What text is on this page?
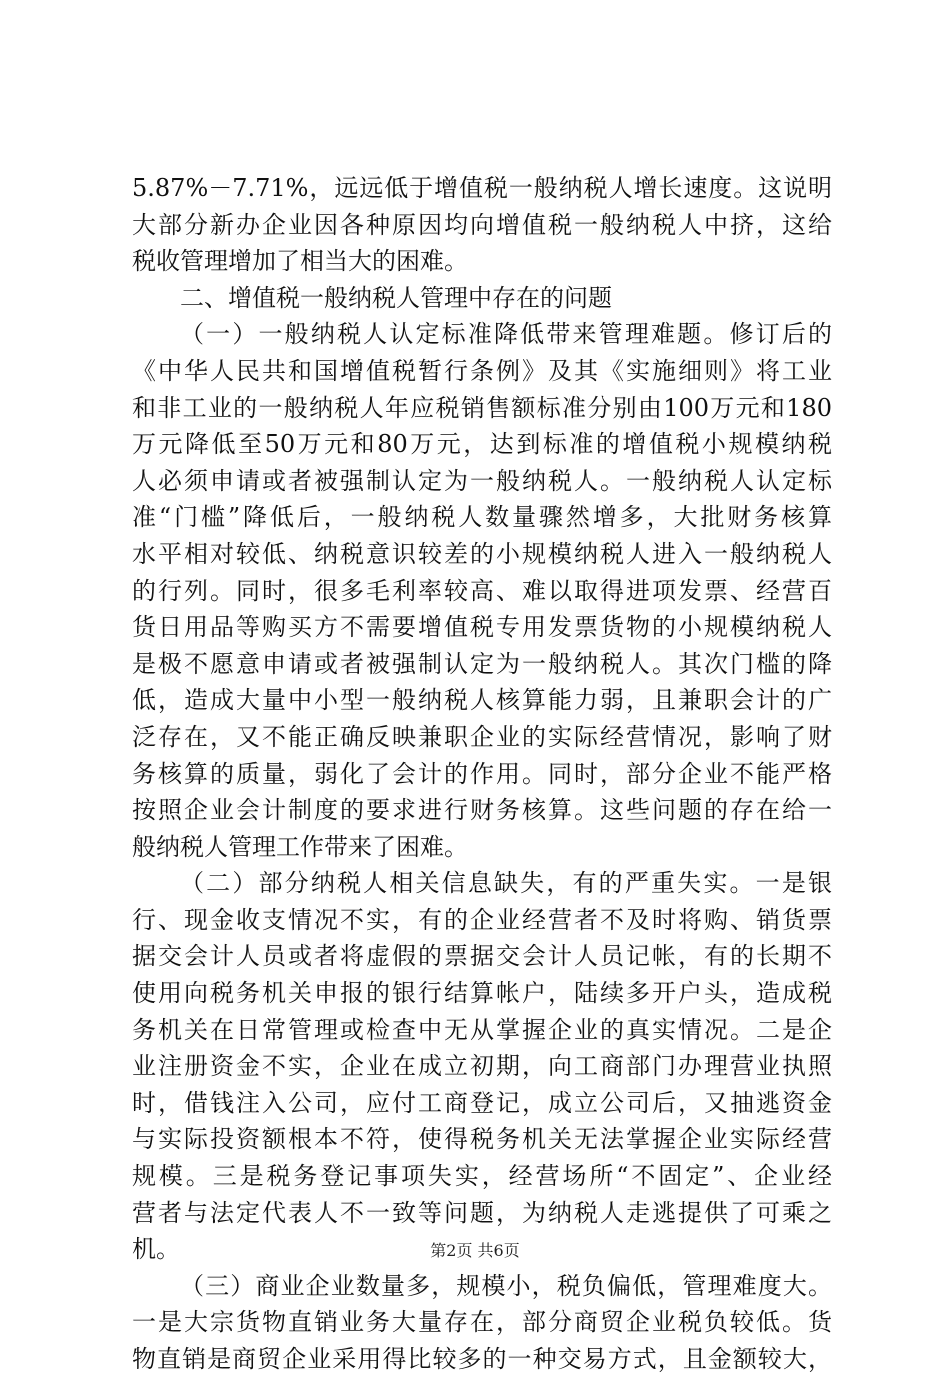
5.87%－7.71%，远远低于增值税一般纳税人增长速度。这说明
大部分新办企业因各种原因均向增值税一般纳税人中挤，这给
税收管理增加了相当大的困难。
二、增值税一般纳税人管理中存在的问题
（一）一般纳税人认定标准降低带来管理难题。修订后的
《中华人民共和国增值税暂行条例》及其《实施细则》将工业
和非工业的一般纳税人年应税销售额标准分别由100万元和180
万元降低至50万元和80万元，达到标准的增值税小规模纳税
人必须申请或者被强制认定为一般纳税人。一般纳税人认定标
准“门槛”降低后，一般纳税人数量骤然增多，大批财务核算
水平相对较低、纳税意识较差的小规模纳税人进入一般纳税人
的行列。同时，很多毛利率较高、难以取得进项发票、经营百
货日用品等购买方不需要增值税专用发票货物的小规模纳税人
是极不愿意申请或者被强制认定为一般纳税人。其次门槛的降
低，造成大量中小型一般纳税人核算能力弱，且兼职会计的广
泛存在，又不能正确反映兼职企业的实际经营情况，影响了财
务核算的质量，弱化了会计的作用。同时，部分企业不能严格
按照企业会计制度的要求进行财务核算。这些问题的存在给一
般纳税人管理工作带来了困难。
（二）部分纳税人相关信息缺失，有的严重失实。一是银
行、现金收支情况不实，有的企业经营者不及时将购、销货票
据交会计人员或者将虚假的票据交会计人员记帐，有的长期不
使用向税务机关申报的银行结算帐户，陆续多开户头，造成税
务机关在日常管理或检查中无从掌握企业的真实情况。二是企
业注册资金不实，企业在成立初期，向工商部门办理营业执照
时，借钱注入公司，应付工商登记，成立公司后，又抽逃资金
与实际投资额根本不符，使得税务机关无法掌握企业实际经营
规模。三是税务登记事项失实，经营场所“不固定”、企业经
营者与法定代表人不一致等问题，为纳税人走逃提供了可乘之
机。
（三）商业企业数量多，规模小，税负偏低，管理难度大。
一是大宗货物直销业务大量存在，部分商贸企业税负较低。货
物直销是商贸企业采用得比较多的一种交易方式，且金额较大，
第2页 共6页
